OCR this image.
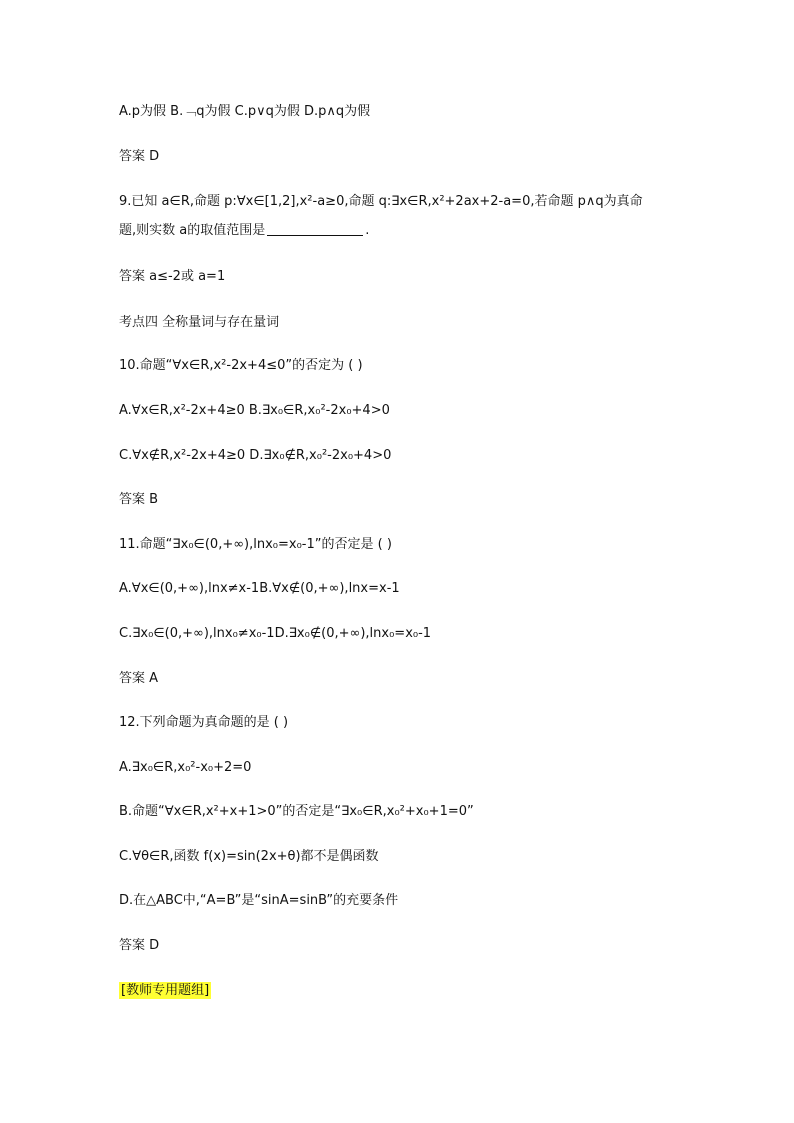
A.p为假 B.﹁q为假 C.p∨q为假 D.p∧q为假
答案 D
9.已知 a∈R,命题 p:∀x∈[1,2],x²-a≥0,命题 q:∃x∈R,x²+2ax+2-a=0,若命题 p∧q为真命
题,则实数 a的取值范围是	.
答案 a≤-2或 a=1
考点四 全称量词与存在量词
10.命题“∀x∈R,x²-2x+4≤0”的否定为 ( )
A.∀x∈R,x²-2x+4≥0 B.∃x₀∈R,x₀²-2x₀+4>0
C.∀x∉R,x²-2x+4≥0 D.∃x₀∉R,x₀²-2x₀+4>0
答案 B
11.命题“∃x₀∈(0,+∞),lnx₀=x₀-1”的否定是 ( )
A.∀x∈(0,+∞),lnx≠x-1B.∀x∉(0,+∞),lnx=x-1
C.∃x₀∈(0,+∞),lnx₀≠x₀-1D.∃x₀∉(0,+∞),lnx₀=x₀-1
答案 A
12.下列命题为真命题的是 ( )
A.∃x₀∈R,x₀²-x₀+2=0
B.命题“∀x∈R,x²+x+1>0”的否定是“∃x₀∈R,x₀²+x₀+1=0”
C.∀θ∈R,函数 f(x)=sin(2x+θ)都不是偶函数
D.在△ABC中,“A=B”是“sinA=sinB”的充要条件
答案 D
[教师专用题组]
